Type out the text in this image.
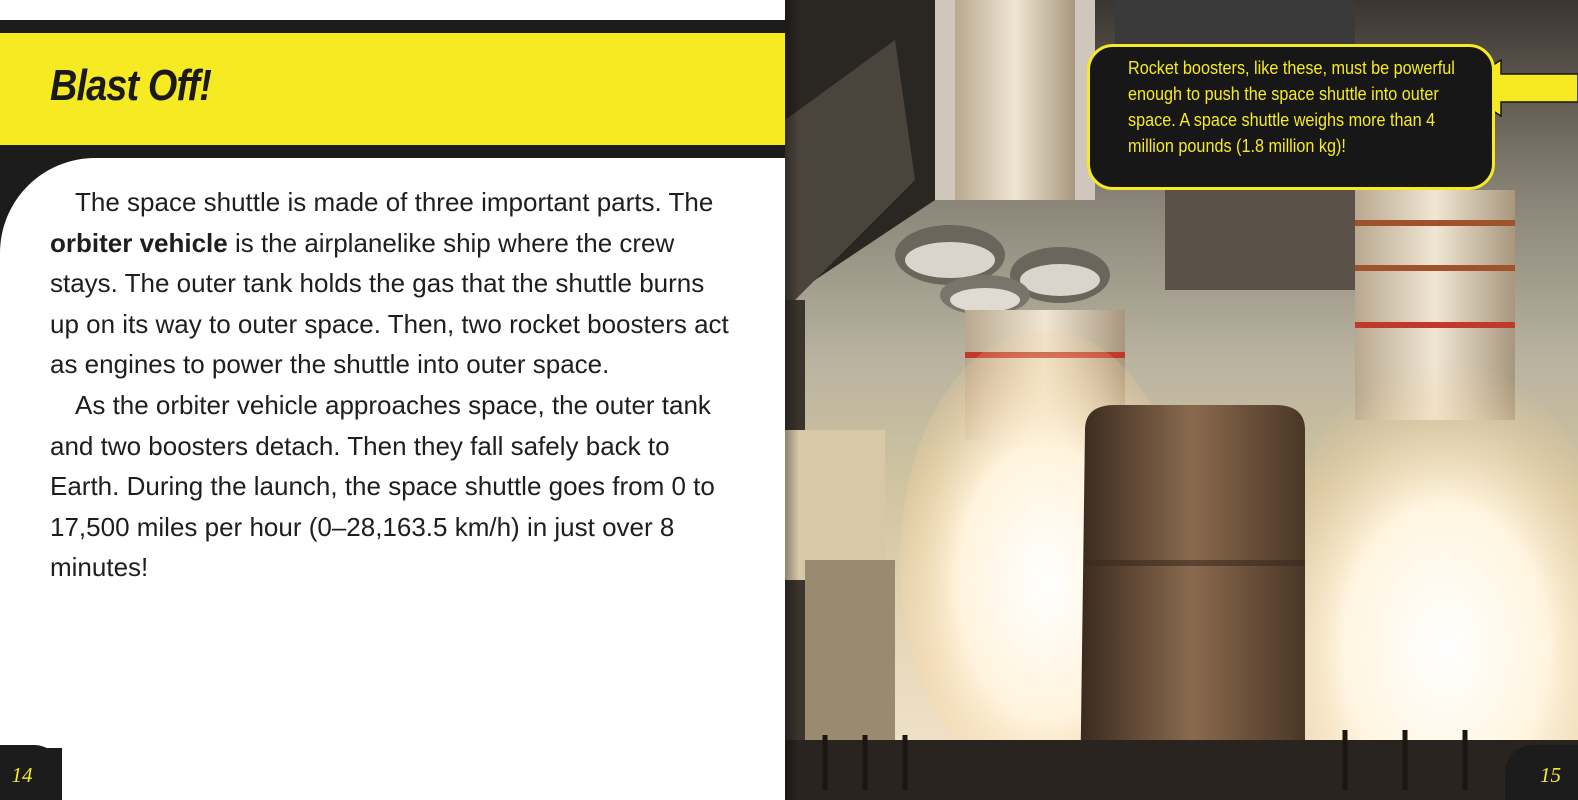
Blast Off!

The space shuttle is made of three important parts. The orbiter vehicle is the airplanelike ship where the crew stays. The outer tank holds the gas that the shuttle burns up on its way to outer space. Then, two rocket boosters act as engines to power the shuttle into outer space.

As the orbiter vehicle approaches space, the outer tank and two boosters detach. Then they fall safely back to Earth. During the launch, the space shuttle goes from 0 to 17,500 miles per hour (0–28,163.5 km/h) in just over 8 minutes!

14

Rocket boosters, like these, must be powerful enough to push the space shuttle into outer space. A space shuttle weighs more than 4 million pounds (1.8 million kg)!

15
